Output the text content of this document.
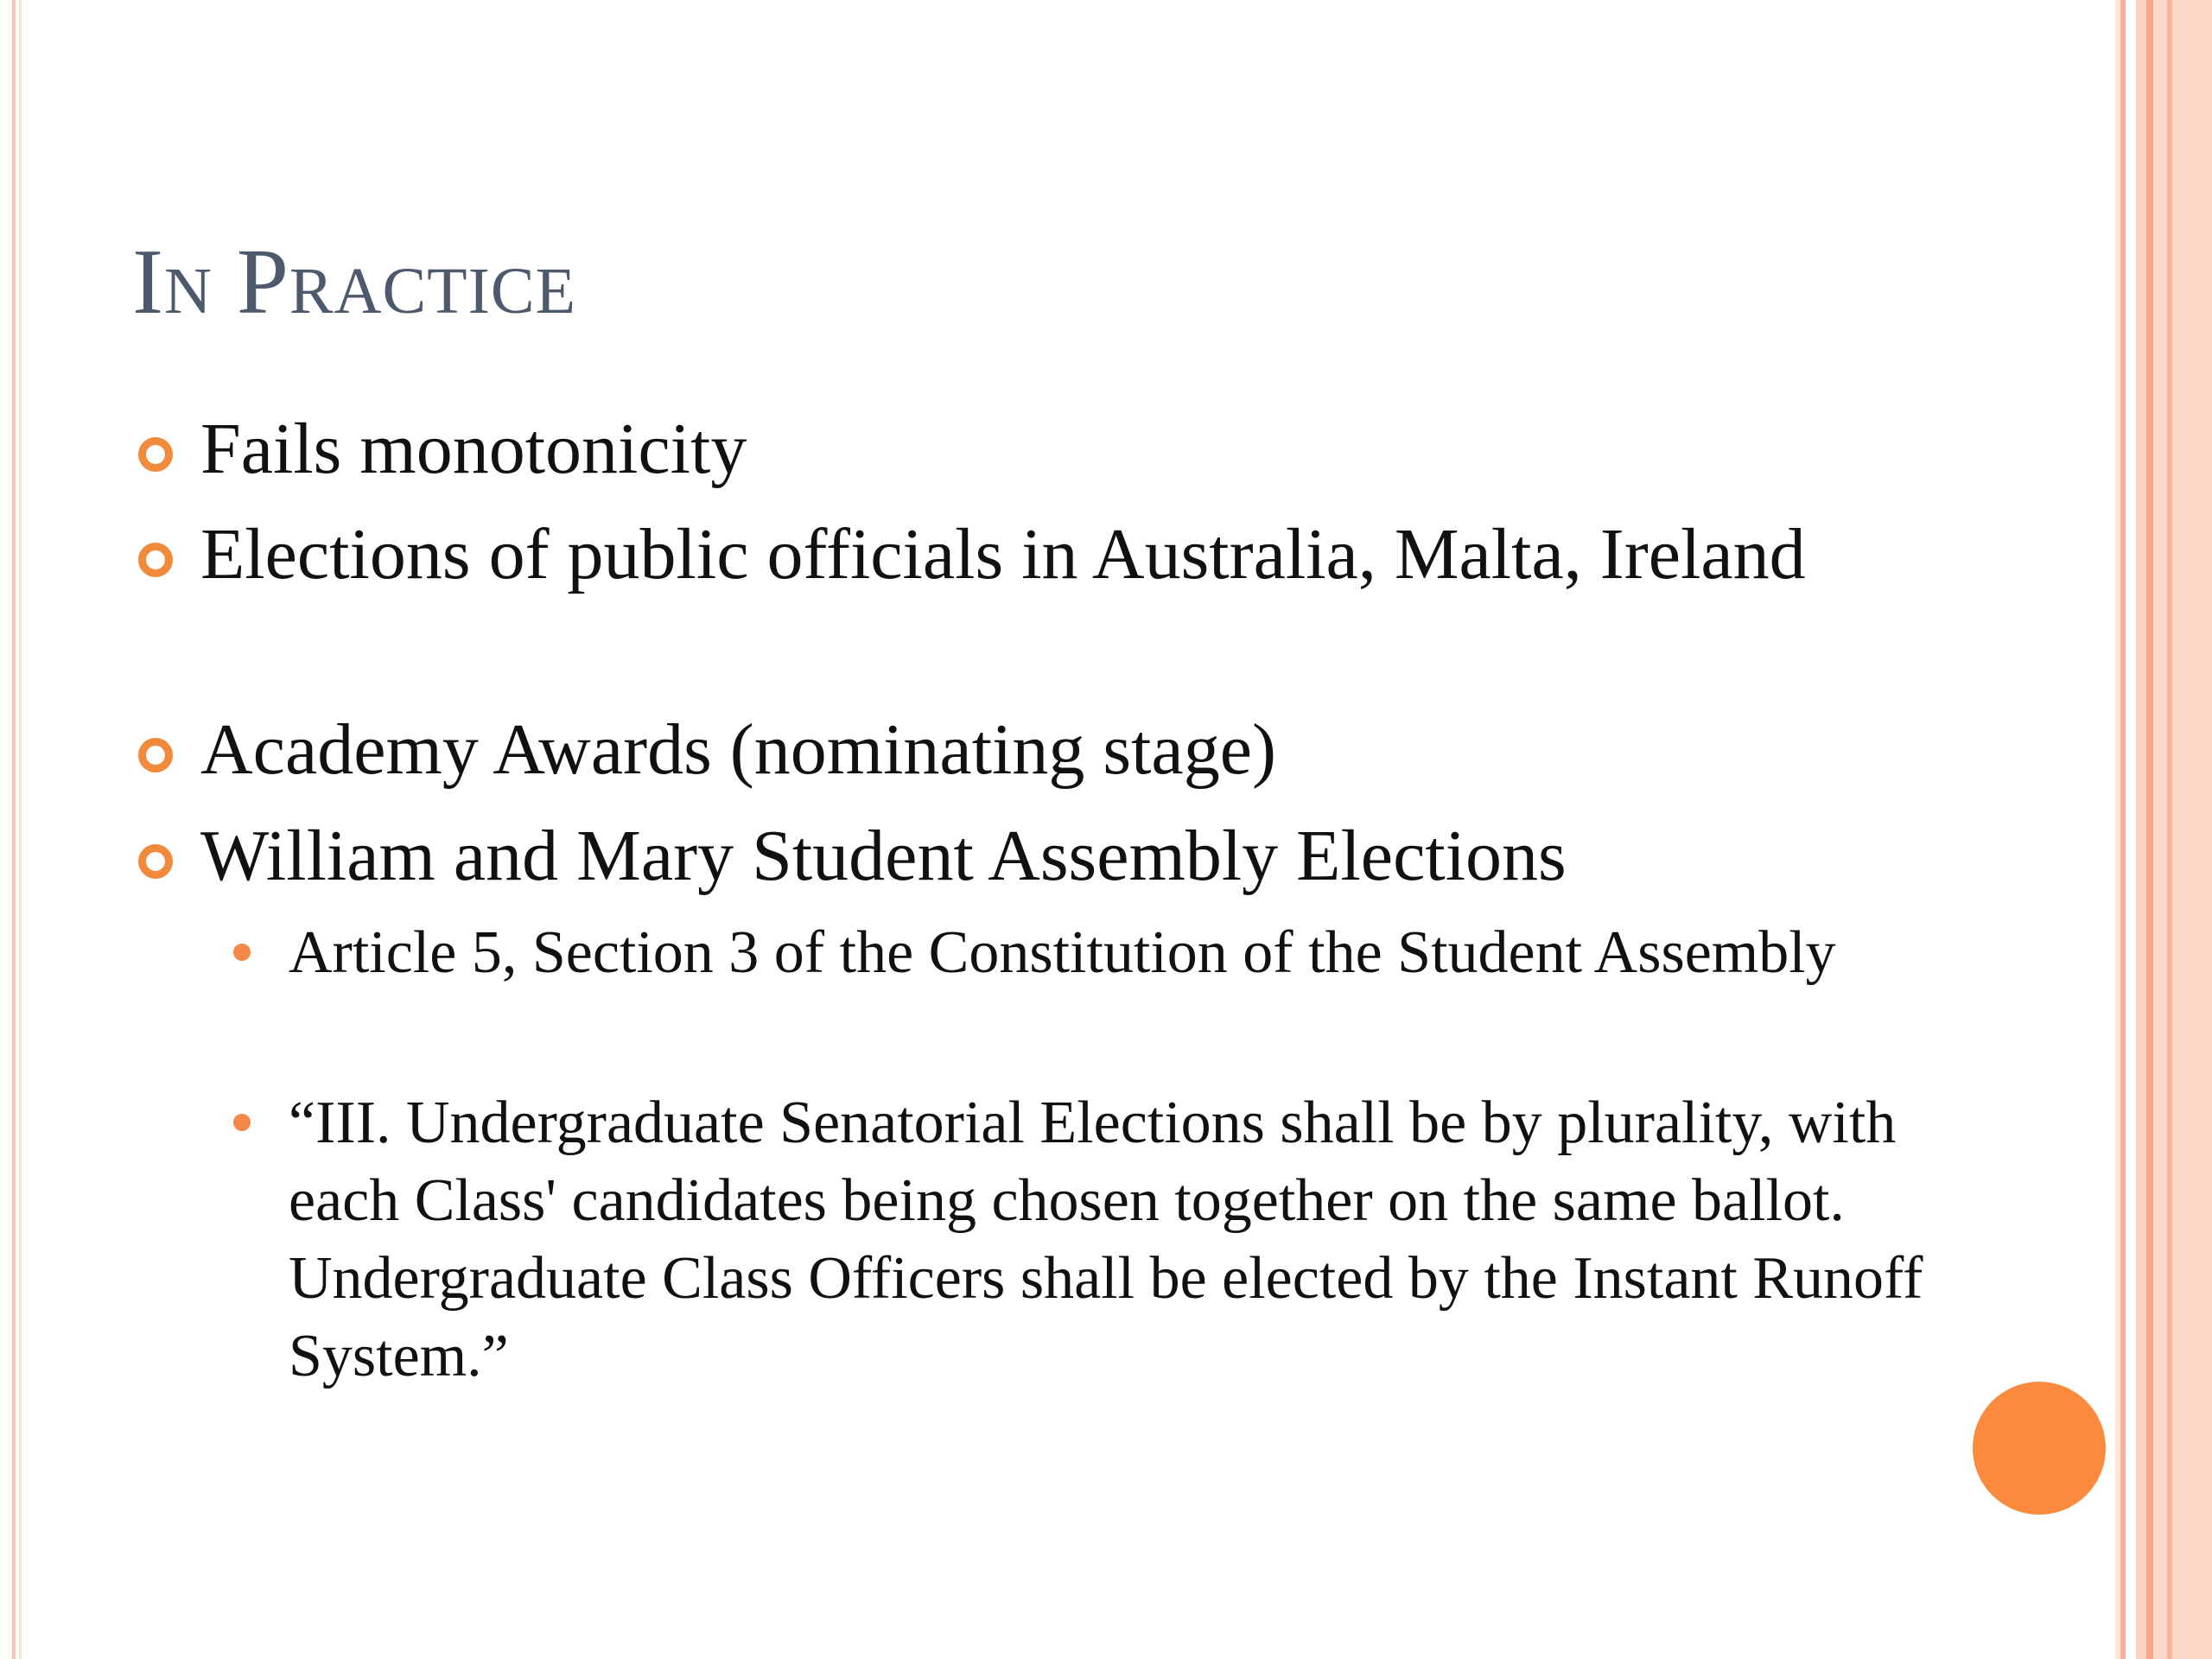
In Practice
Fails monotonicity
Elections of public officials in Australia, Malta, Ireland
Academy Awards (nominating stage)
William and Mary Student Assembly Elections
Article 5, Section 3 of the Constitution of the Student Assembly
“III. Undergraduate Senatorial Elections shall be by plurality, with each Class' candidates being chosen together on the same ballot. Undergraduate Class Officers shall be elected by the Instant Runoff System.”
